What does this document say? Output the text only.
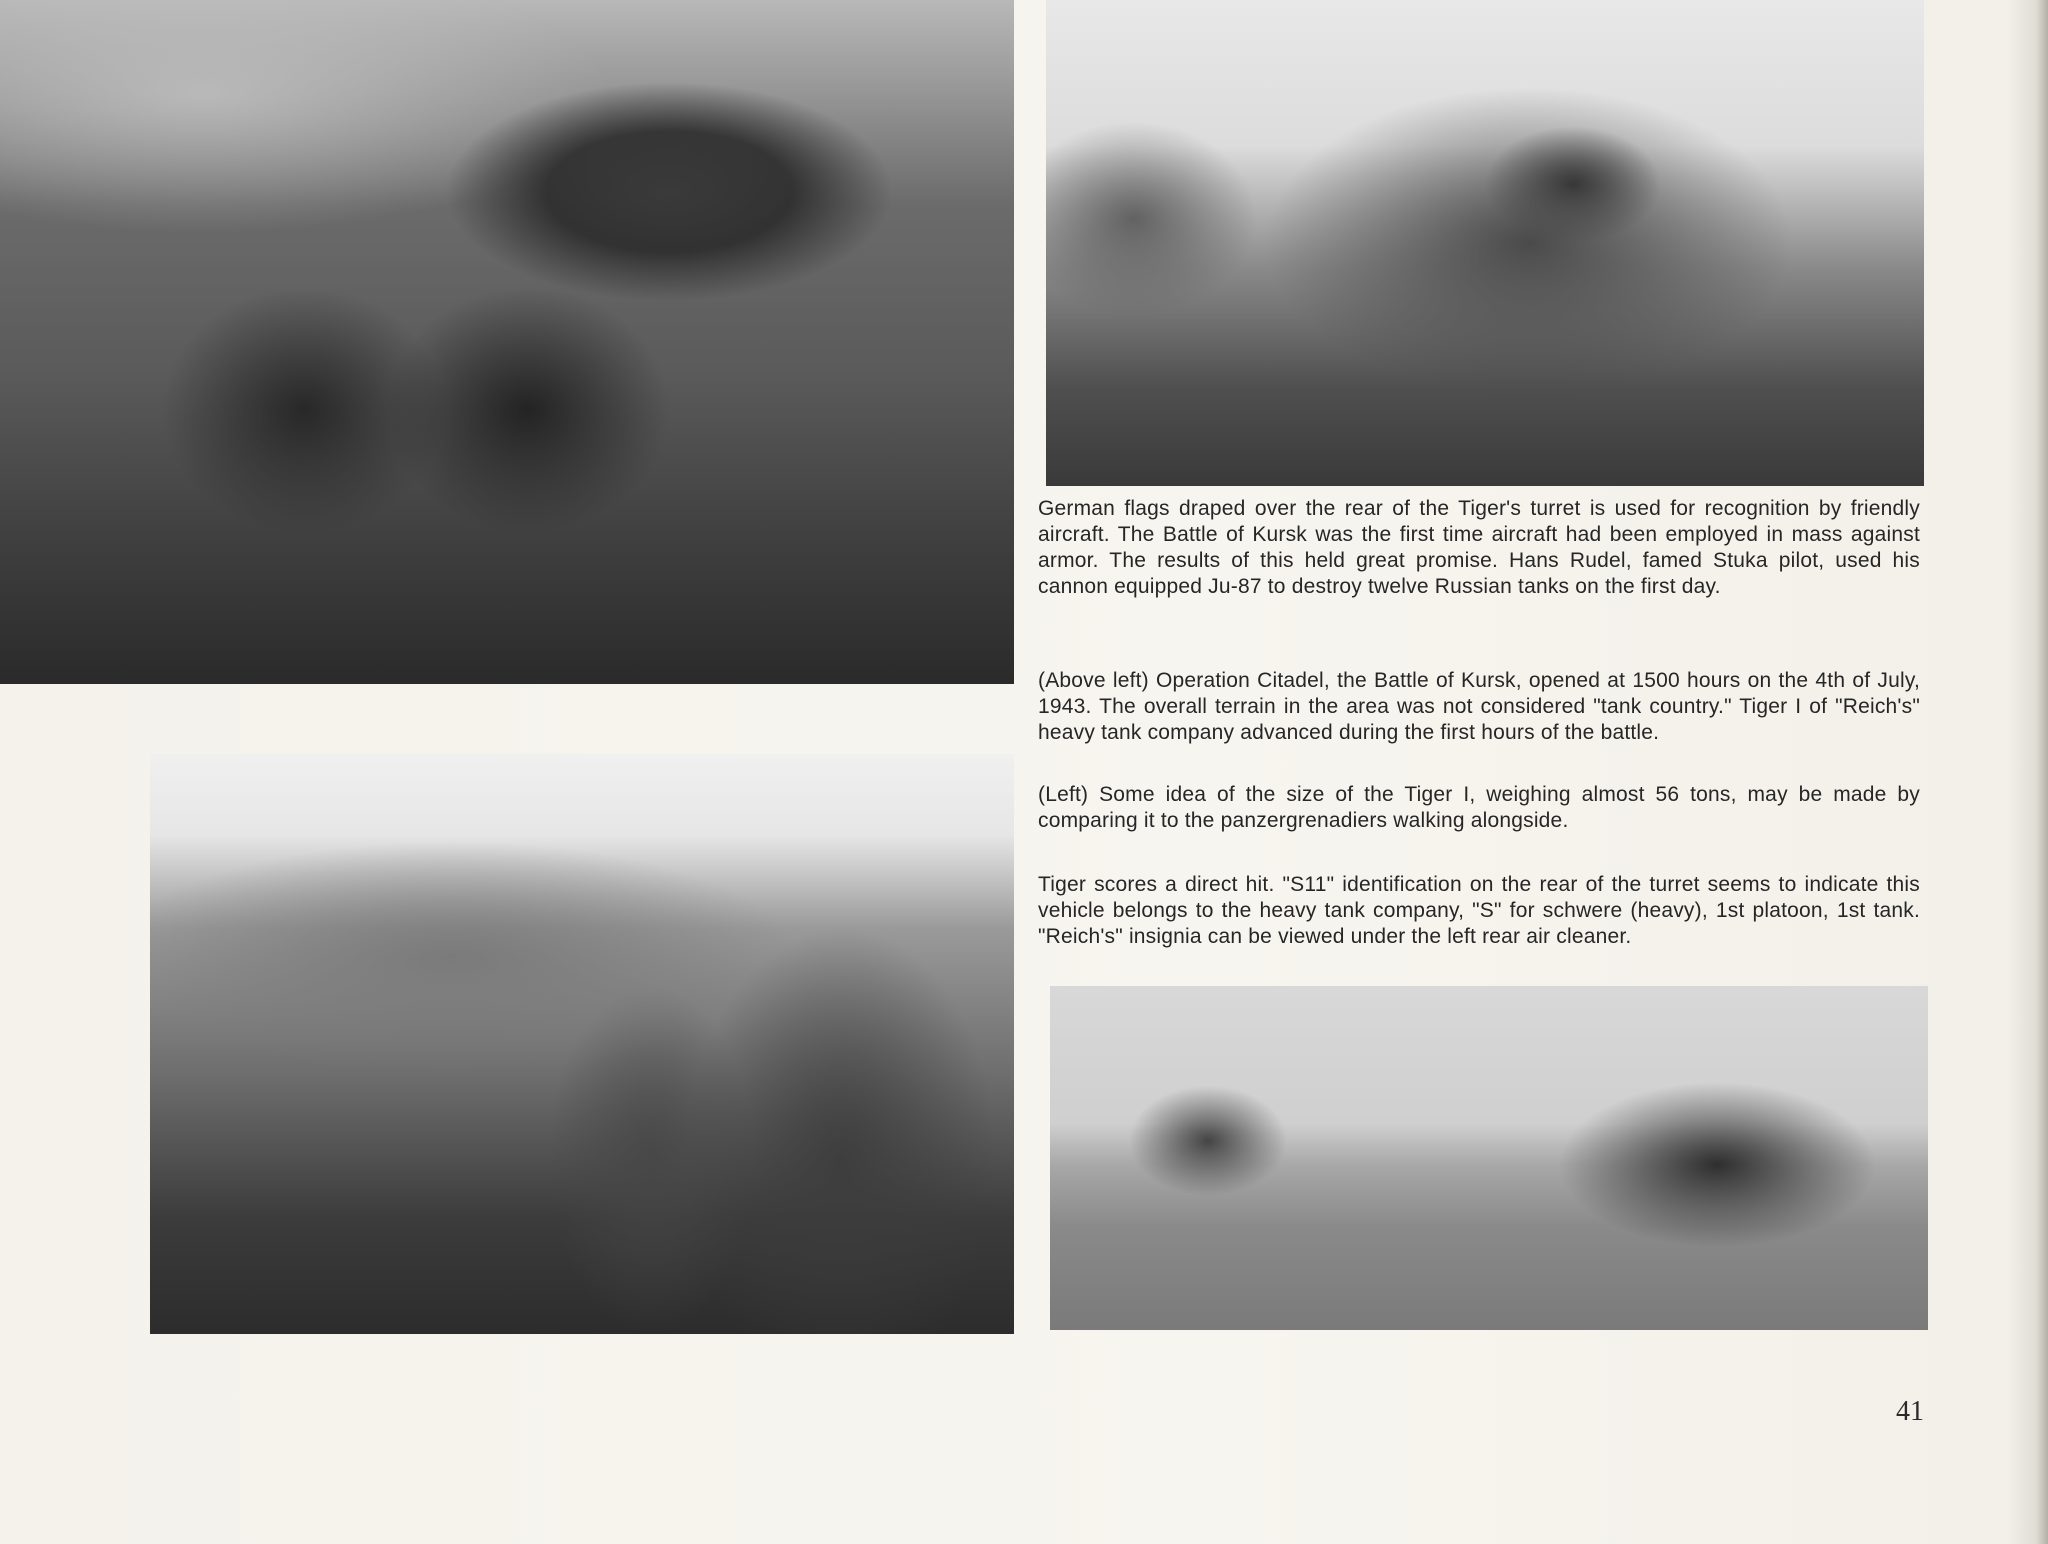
German flags draped over the rear of the Tiger's turret is used for recognition by friendly aircraft. The Battle of Kursk was the first time aircraft had been employed in mass against armor. The results of this held great promise. Hans Rudel, famed Stuka pilot, used his cannon equipped Ju-87 to destroy twelve Russian tanks on the first day.

(Above left) Operation Citadel, the Battle of Kursk, opened at 1500 hours on the 4th of July, 1943. The overall terrain in the area was not considered "tank country." Tiger I of "Reich's" heavy tank company advanced during the first hours of the battle.

(Left) Some idea of the size of the Tiger I, weighing almost 56 tons, may be made by comparing it to the panzergrenadiers walking alongside.

Tiger scores a direct hit. "S11" identification on the rear of the turret seems to indicate this vehicle belongs to the heavy tank company, "S" for schwere (heavy), 1st platoon, 1st tank. "Reich's" insignia can be viewed under the left rear air cleaner.

41
